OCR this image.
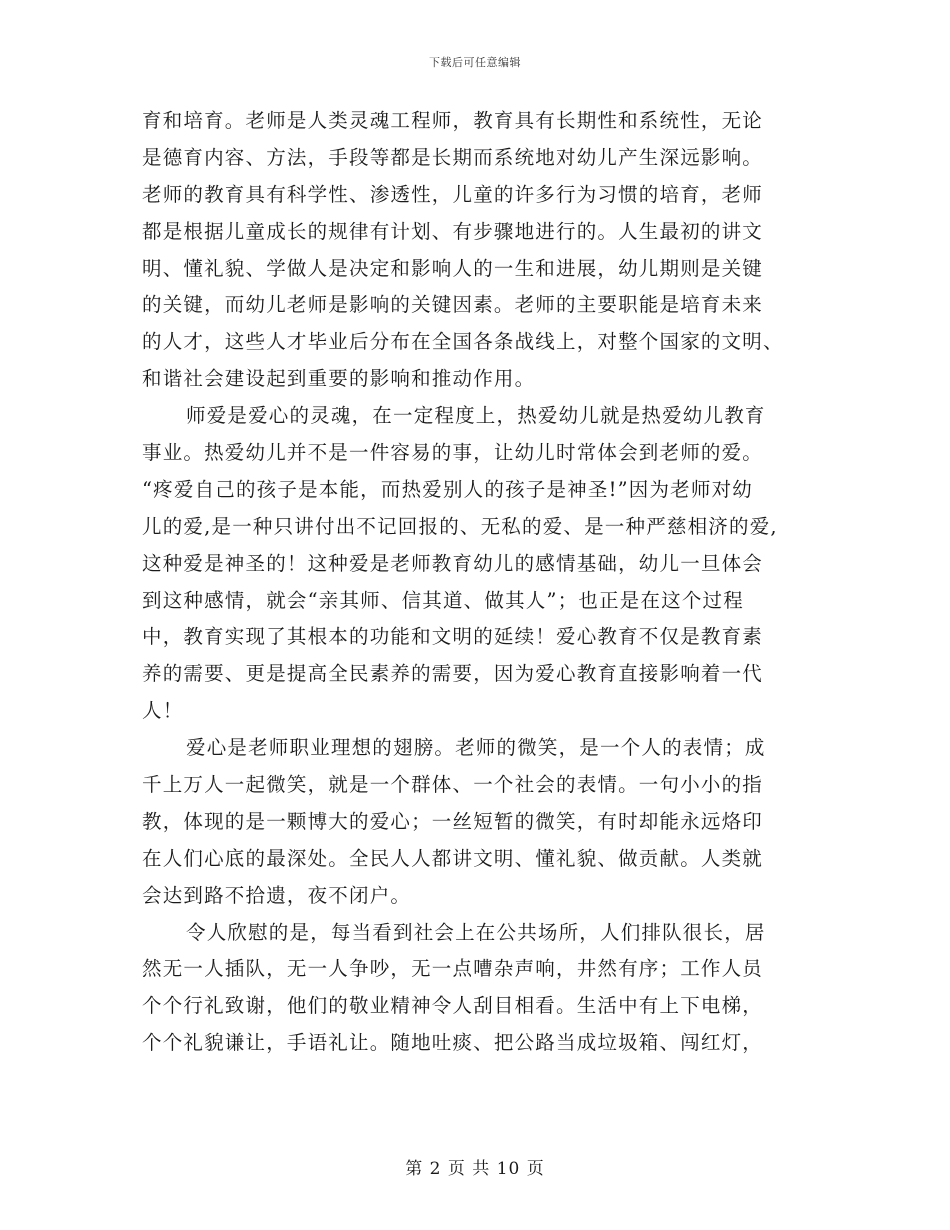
下载后可任意编辑
育和培育。老师是人类灵魂工程师，教育具有长期性和系统性，无论
是德育内容、方法，手段等都是长期而系统地对幼儿产生深远影响。
老师的教育具有科学性、渗透性，儿童的许多行为习惯的培育，老师
都是根据儿童成长的规律有计划、有步骤地进行的。人生最初的讲文
明、懂礼貌、学做人是决定和影响人的一生和进展，幼儿期则是关键
的关键，而幼儿老师是影响的关键因素。老师的主要职能是培育未来
的人才，这些人才毕业后分布在全国各条战线上，对整个国家的文明、
和谐社会建设起到重要的影响和推动作用。
师爱是爱心的灵魂，在一定程度上，热爱幼儿就是热爱幼儿教育
事业。热爱幼儿并不是一件容易的事，让幼儿时常体会到老师的爱。
“疼爱自己的孩子是本能，而热爱别人的孩子是神圣!”因为老师对幼
儿的爱,是一种只讲付出不记回报的、无私的爱、是一种严慈相济的爱,
这种爱是神圣的！这种爱是老师教育幼儿的感情基础，幼儿一旦体会
到这种感情，就会“亲其师、信其道、做其人”；也正是在这个过程
中，教育实现了其根本的功能和文明的延续！爱心教育不仅是教育素
养的需要、更是提高全民素养的需要，因为爱心教育直接影响着一代
人！
爱心是老师职业理想的翅膀。老师的微笑，是一个人的表情；成
千上万人一起微笑，就是一个群体、一个社会的表情。一句小小的指
教，体现的是一颗博大的爱心；一丝短暂的微笑，有时却能永远烙印
在人们心底的最深处。全民人人都讲文明、懂礼貌、做贡献。人类就
会达到路不拾遗，夜不闭户。
令人欣慰的是，每当看到社会上在公共场所，人们排队很长，居
然无一人插队，无一人争吵，无一点嘈杂声响，井然有序；工作人员
个个行礼致谢，他们的敬业精神令人刮目相看。生活中有上下电梯，
个个礼貌谦让，手语礼让。随地吐痰、把公路当成垃圾箱、闯红灯，
第 2 页 共 10 页
